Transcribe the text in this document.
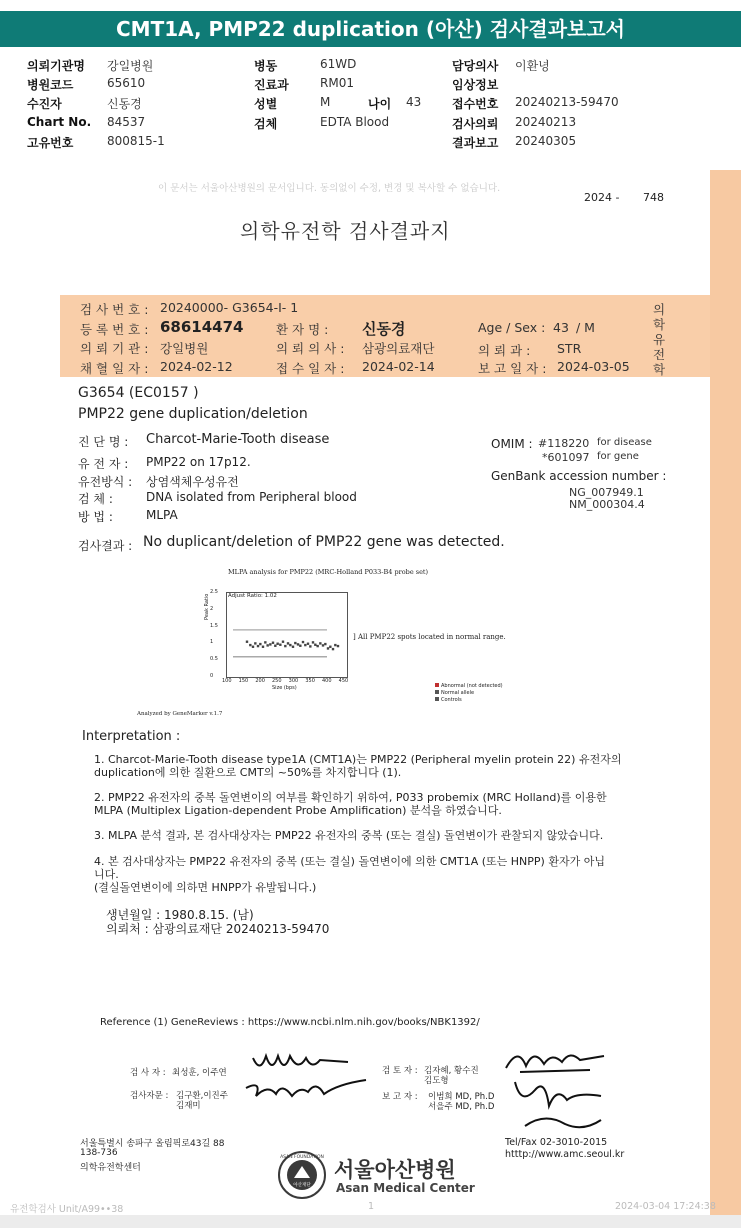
CMT1A, PMP22 duplication (아산) 검사결과보고서
의뢰기관명 강일병원
병원코드	65610
수진자	신동경
Chart No. 84537
고유번호	800815-1
병동	61WD
진료과	RM01
성별	M
검체	EDTA Blood
담당의사 이환녕
임상정보
접수번호 20240213-59470
검사의뢰 20240213
결과보고 20240305
나이 43
이 문서는 서울아산병원의 문서입니다. 동의없이 수정, 변경 및 복사할 수 없습니다.
2024 - 748
의학유전학 검사결과지
의
학
유
전
학
검 사 번 호 : 20240000- G3654-I- 1
등 록 번 호 : 68614474	환 자 명 : 신동경	Age / Sex : 43 / M
의 뢰 기 관 : 강일병원	의 뢰 의 사 : 삼광의료재단	의 뢰 과 : STR
채 혈 일 자 : 2024-02-12	접 수 일 자 : 2024-02-14	보 고 일 자 : 2024-03-05
G3654 (EC0157 )
PMP22 gene duplication/deletion
진 단 명 : Charcot-Marie-Tooth disease
유 전 자 : PMP22 on 17p12.
유전방식 : 상염색체우성유전
검 체 :	DNA isolated from Peripheral blood
방 법 :	MLPA
OMIM : #118220 for disease
*601097 for gene
GenBank accession number :
NG_007949.1
NM_000304.4
검사결과 : No duplicant/deletion of PMP22 gene was detected.
MLPA analysis for PMP22 (MRC-Holland P033-B4 probe set)
Adjust Ratio: 1.02
2.5
2
1.5
1
0.5
0
100 150 200 250 300 350 400 450
Peak Ratio
Size (bps)
] All PMP22 spots located in normal range.
Abnormal (not detected)
Normal allele
Controls
Analyzed by GeneMarker v.1.7
Interpretation :
1. Charcot-Marie-Tooth disease type1A (CMT1A)는 PMP22 (Peripheral myelin protein 22) 유전자의
duplication에 의한 질환으로 CMT의 ~50%를 차지합니다 (1).
2. PMP22 유전자의 중복 돌연변이의 여부를 확인하기 위하여, P033 probemix (MRC Holland)를 이용한
MLPA (Multiplex Ligation-dependent Probe Amplification) 분석을 하였습니다.
3. MLPA 분석 결과, 본 검사대상자는 PMP22 유전자의 중복 (또는 결실) 돌연변이가 관찰되지 않았습니다.
4. 본 검사대상자는 PMP22 유전자의 중복 (또는 결실) 돌연변이에 의한 CMT1A (또는 HNPP) 환자가 아닙
니다.
(결실돌연변이에 의하면 HNPP가 유발됩니다.)
생년월일 : 1980.8.15. (남)
의뢰처 : 삼광의료재단 20240213-59470
Reference (1) GeneReviews : https://www.ncbi.nlm.nih.gov/books/NBK1392/
검 사 자 : 최성훈, 이주연	검 토 자 : 김자혜, 황수진
김도형
검사자문 : 김구환,이진주
김재미
보 고 자 : 이범희 MD, Ph.D
서을주 MD, Ph.D
서울특별시 송파구 올림픽로43길 88
138-736
의학유전학센터
Tel/Fax 02-3010-2015
htttp://www.amc.seoul.kr
ASAN FOUNDATION
아산재단
서울아산병원
Asan Medical Center
유전학검사 Unit/A99••38	1	2024-03-04 17:24:38
